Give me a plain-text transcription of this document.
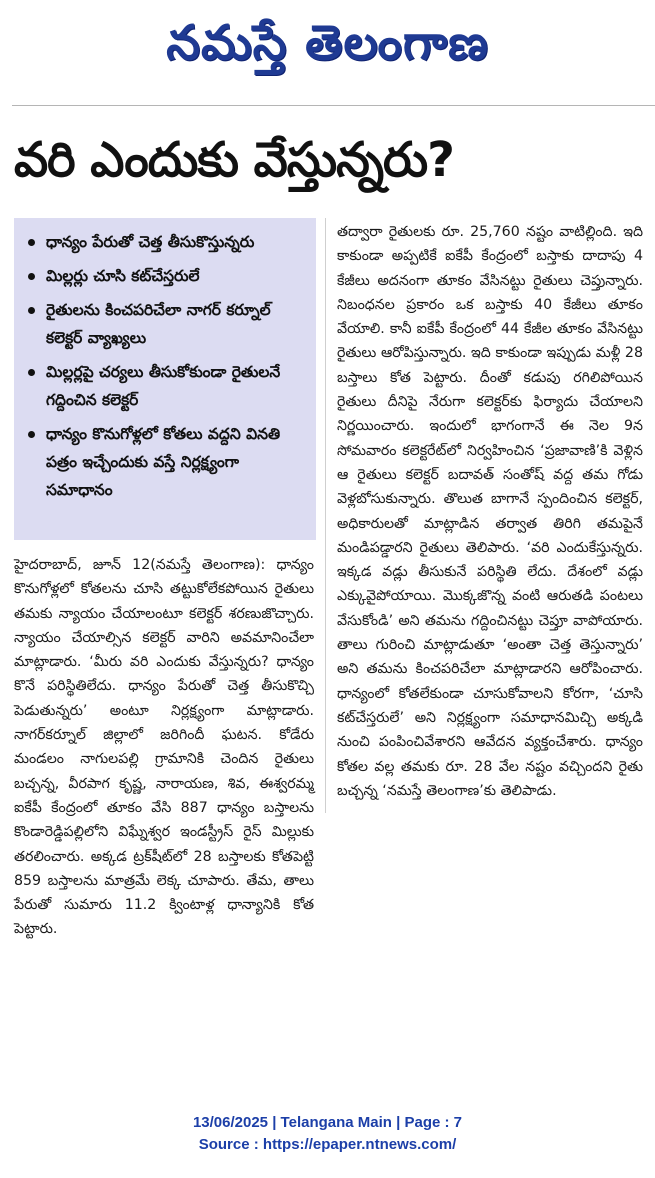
నమస్తే తెలంగాణ
వరి ఎందుకు వేస్తున్నరు?
ధాన్యం పేరుతో చెత్త తీసుకొస్తున్నరు
మిల్లర్లు చూసి కట్‌చేస్తరులే
రైతులను కించపరిచేలా నాగర్ కర్నూల్ కలెక్టర్ వ్యాఖ్యలు
మిల్లర్లపై చర్యలు తీసుకోకుండా రైతులనే గద్దించిన కలెక్టర్
ధాన్యం కొనుగోళ్లలో కోతలు వద్దని వినతి పత్రం ఇచ్చేందుకు వస్తే నిర్లక్ష్యంగా సమాధానం

హైదరాబాద్, జూన్ 12(నమస్తే తెలంగాణ): ధాన్యం కొనుగోళ్లలో కోతలను చూసి తట్టుకోలేకపోయిన రైతులు తమకు న్యాయం చేయాలంటూ కలెక్టర్ శరణుజొచ్చారు. న్యాయం చేయాల్సిన కలెక్టర్ వారిని అవమానించేలా మాట్లాడారు. ‘మీరు వరి ఎందుకు వేస్తున్నరు? ధాన్యం కొనే పరిస్థితిలేదు. ధాన్యం పేరుతో చెత్త తీసుకొచ్చి పెడుతున్నరు’ అంటూ నిర్లక్ష్యంగా మాట్లాడారు. నాగర్‌కర్నూల్ జిల్లాలో జరిగిందీ ఘటన. కోడేరు మండలం నాగులపల్లి గ్రామానికి చెందిన రైతులు బచ్చన్న, వీరపాగ కృష్ణ, నారాయణ, శివ, ఈశ్వరమ్మ ఐకేపీ కేంద్రంలో తూకం వేసి 887 ధాన్యం బస్తాలను కొండారెడ్డిపల్లిలోని విఘ్నేశ్వర ఇండస్ట్రీస్ రైస్ మిల్లుకు తరలించారు. అక్కడ ట్రక్‌షీట్‌లో 28 బస్తాలకు కోతపెట్టి 859 బస్తాలను మాత్రమే లెక్క చూపారు. తేమ, తాలు పేరుతో సుమారు 11.2 క్వింటాళ్ల ధాన్యానికి కోత పెట్టారు.

తద్వారా రైతులకు రూ. 25,760 నష్టం వాటిల్లింది. ఇది కాకుండా అప్పటికే ఐకేపీ కేంద్రంలో బస్తాకు దాదాపు 4 కేజీలు అదనంగా తూకం వేసినట్టు రైతులు చెప్తున్నారు. నిబంధనల ప్రకారం ఒక బస్తాకు 40 కేజీలు తూకం వేయాలి. కానీ ఐకేపీ కేంద్రంలో 44 కేజీల తూకం వేసినట్టు రైతులు ఆరోపిస్తున్నారు. ఇది కాకుండా ఇప్పుడు మళ్లీ 28 బస్తాలు కోత పెట్టారు. దీంతో కడుపు రగిలిపోయిన రైతులు దీనిపై నేరుగా కలెక్టర్‌కు ఫిర్యాదు చేయాలని నిర్ణయించారు. ఇందులో భాగంగానే ఈ నెల 9న సోమవారం కలెక్టరేట్‌లో నిర్వహించిన ‘ప్రజావాణి’కి వెళ్లిన ఆ రైతులు కలెక్టర్ బదావత్ సంతోష్ వద్ద తమ గోడు వెళ్లబోసుకున్నారు. తొలుత బాగానే స్పందించిన కలెక్టర్, అధికారులతో మాట్లాడిన తర్వాత తిరిగి తమపైనే మండిపడ్డారని రైతులు తెలిపారు. ‘వరి ఎందుకేస్తున్నరు. ఇక్కడ వడ్లు తీసుకునే పరిస్థితి లేదు. దేశంలో వడ్లు ఎక్కువైపోయాయి. మొక్కజొన్న వంటి ఆరుతడి పంటలు వేసుకోండి’ అని తమను గద్దించినట్టు చెప్తూ వాపోయారు. తాలు గురించి మాట్లాడుతూ ‘అంతా చెత్త తెస్తున్నారు’ అని తమను కించపరిచేలా మాట్లాడారని ఆరోపించారు. ధాన్యంలో కోతలేకుండా చూసుకోవాలని కోరగా, ‘చూసి కట్‌చేస్తరులే’ అని నిర్లక్ష్యంగా సమాధానమిచ్చి అక్కడి నుంచి పంపించివేశారని ఆవేదన వ్యక్తంచేశారు. ధాన్యం కోతల వల్ల తమకు రూ. 28 వేల నష్టం వచ్చిందని రైతు బచ్చన్న ‘నమస్తే తెలంగాణ’కు తెలిపాడు.

13/06/2025 | Telangana Main | Page : 7
Source : https://epaper.ntnews.com/
